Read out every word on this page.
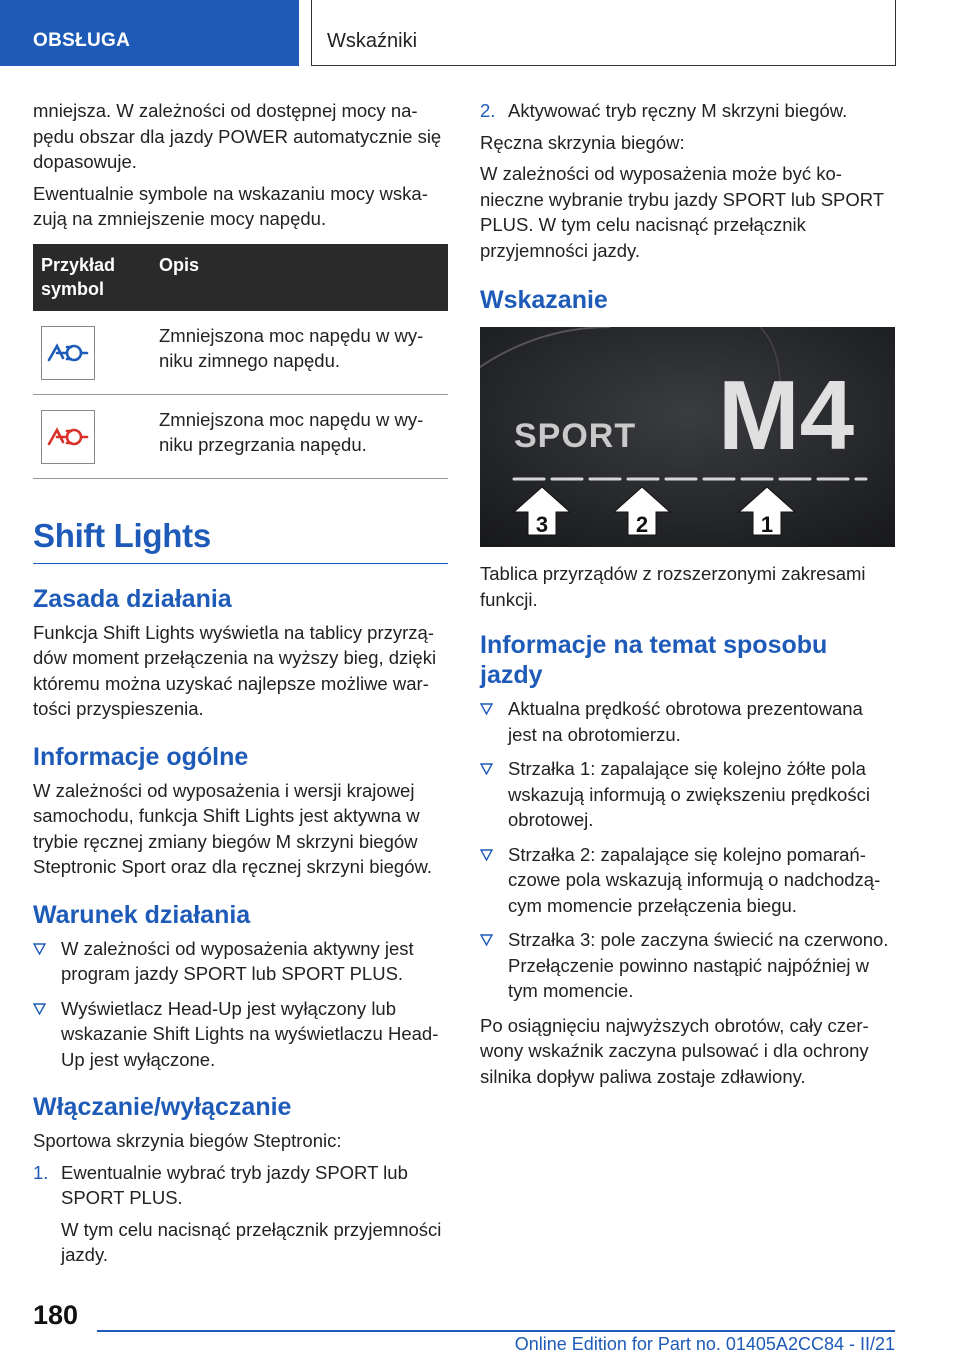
OBSŁUGA	Wskaźniki

mniejsza. W zależności od dostępnej mocy napędu obszar dla jazdy POWER automatycznie się dopasowuje.

Ewentualnie symbole na wskazaniu mocy wskazują na zmniejszenie mocy napędu.

Przykład symbol	Opis

	Zmniejszona moc napędu w wyniku zimnego napędu.

	Zmniejszona moc napędu w wyniku przegrzania napędu.
Shift Lights
Zasada działania

Funkcja Shift Lights wyświetla na tablicy przyrządów moment przełączenia na wyższy bieg, dzięki któremu można uzyskać najlepsze możliwe wartości przyspieszenia.

Informacje ogólne

W zależności od wyposażenia i wersji krajowej samochodu, funkcja Shift Lights jest aktywna w trybie ręcznej zmiany biegów M skrzyni biegów Steptronic Sport oraz dla ręcznej skrzyni biegów.

Warunek działania
W zależności od wyposażenia aktywny jest program jazdy SPORT lub SPORT PLUS.
Wyświetlacz Head-Up jest wyłączony lub wskazanie Shift Lights na wyświetlaczu Head-Up jest wyłączone.
Włączanie/wyłączanie

Sportowa skrzynia biegów Steptronic:

1. Ewentualnie wybrać tryb jazdy SPORT lub SPORT PLUS.

W tym celu nacisnąć przełącznik przyjemności jazdy.

2. Aktywować tryb ręczny M skrzyni biegów.

Ręczna skrzynia biegów:

W zależności od wyposażenia może być konieczne wybranie trybu jazdy SPORT lub SPORT PLUS. W tym celu nacisnąć przełącznik przyjemności jazdy.

Wskazanie
SPORT M4
3	2	1

Tablica przyrządów z rozszerzonymi zakresami funkcji.

Informacje na temat sposobu jazdy
Aktualna prędkość obrotowa prezentowana jest na obrotomierzu.
Strzałka 1: zapalające się kolejno żółte pola wskazują informują o zwiększeniu prędkości obrotowej.
Strzałka 2: zapalające się kolejno pomarańczowe pola wskazują informują o nadchodzącym momencie przełączenia biegu.
Strzałka 3: pole zaczyna świecić na czerwono. Przełączenie powinno nastąpić najpóźniej w tym momencie.

Po osiągnięciu najwyższych obrotów, cały czerwony wskaźnik zaczyna pulsować i dla ochrony silnika dopływ paliwa zostaje zdławiony.

180
Online Edition for Part no. 01405A2CC84 - II/21
